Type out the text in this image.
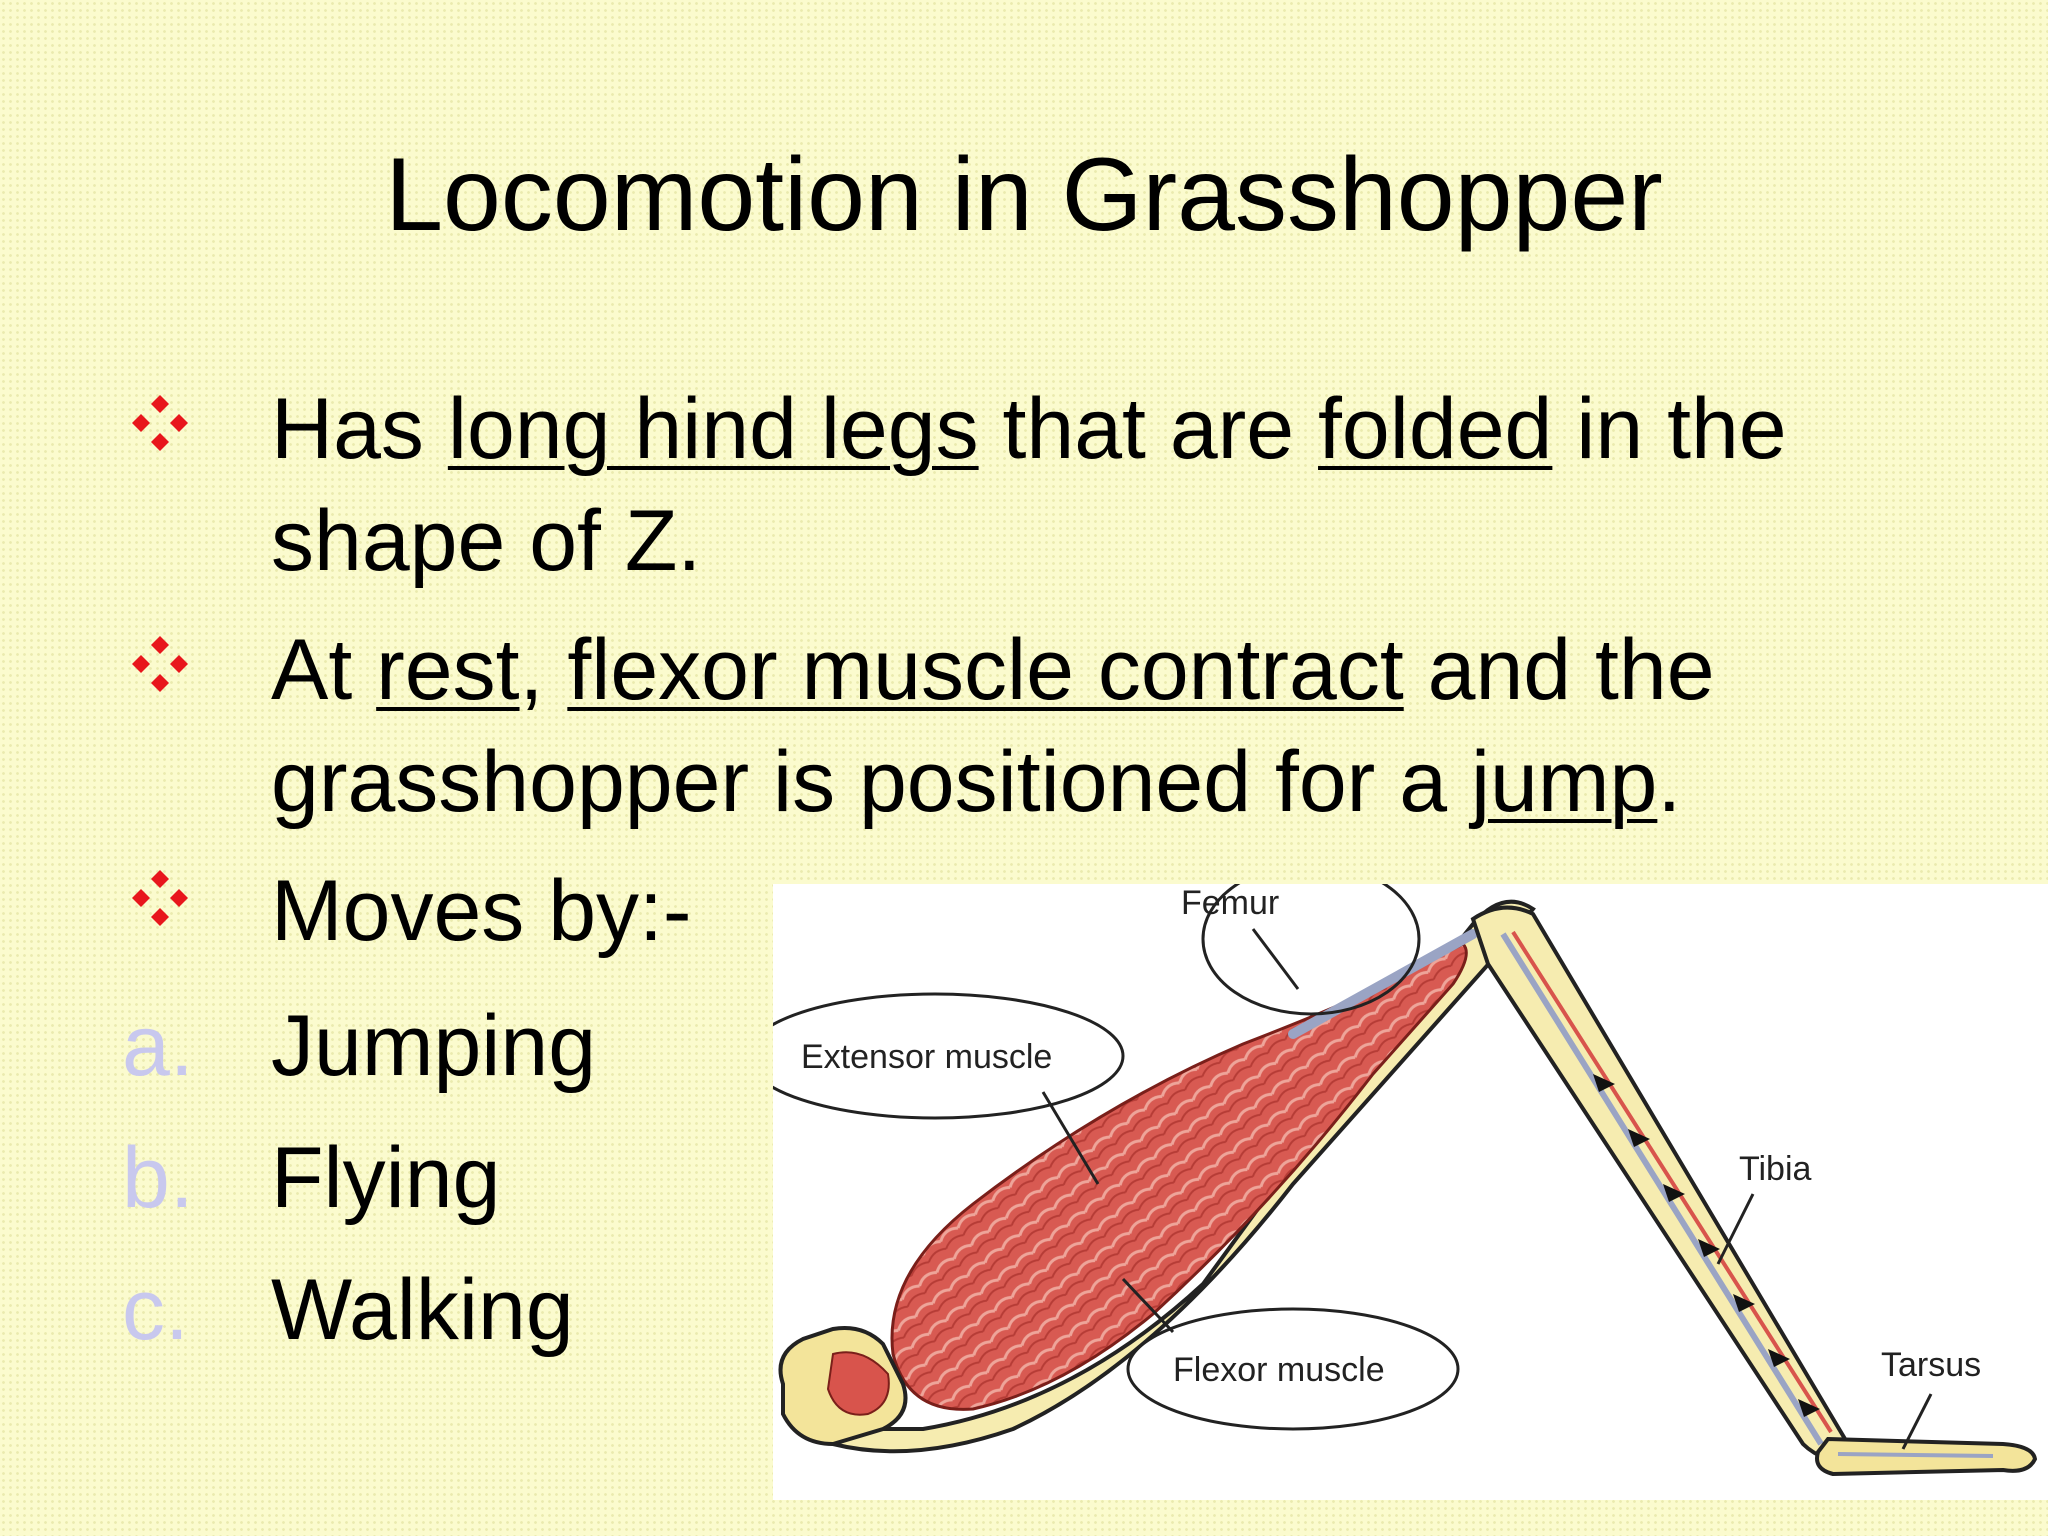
Locomotion in Grasshopper
Has long hind legs that are folded in the
shape of Z.
At rest, flexor muscle contract and the
grasshopper is positioned for a jump.
Moves by:-
a. Jumping
b. Flying
c. Walking
Femur
Extensor muscle
Tibia
Flexor muscle	Tarsus
